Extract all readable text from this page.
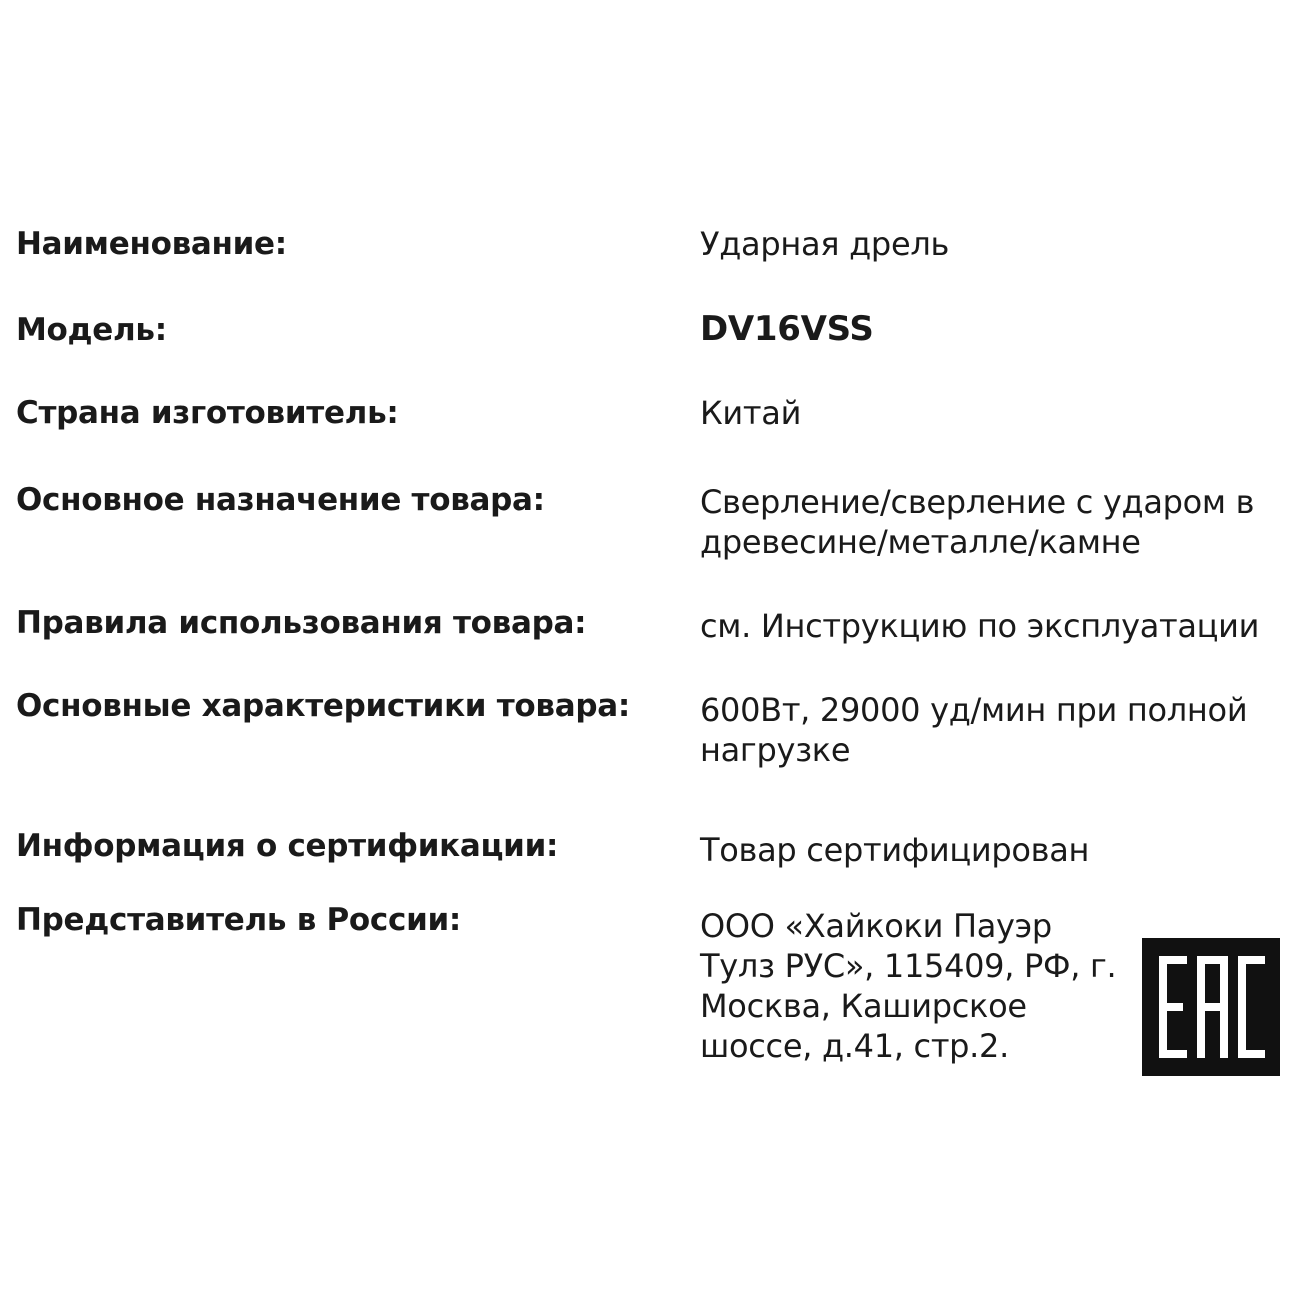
Наименование:	Ударная дрель
Модель:	DV16VSS
Страна изготовитель:	Китай
Основное назначение товара:	Сверление/сверление с ударом в
древесине/металле/камне
Правила использования товара:	см. Инструкцию по эксплуатации
Основные характеристики товара: 600Вт, 29000 уд/мин при полной
нагрузке
Информация о сертификации:	Товар сертифицирован
Представитель в России:	ООО «Хайкоки Пауэр
Тулз РУС», 115409, РФ, г.
Москва, Каширское
шоссе, д.41, стр.2.
